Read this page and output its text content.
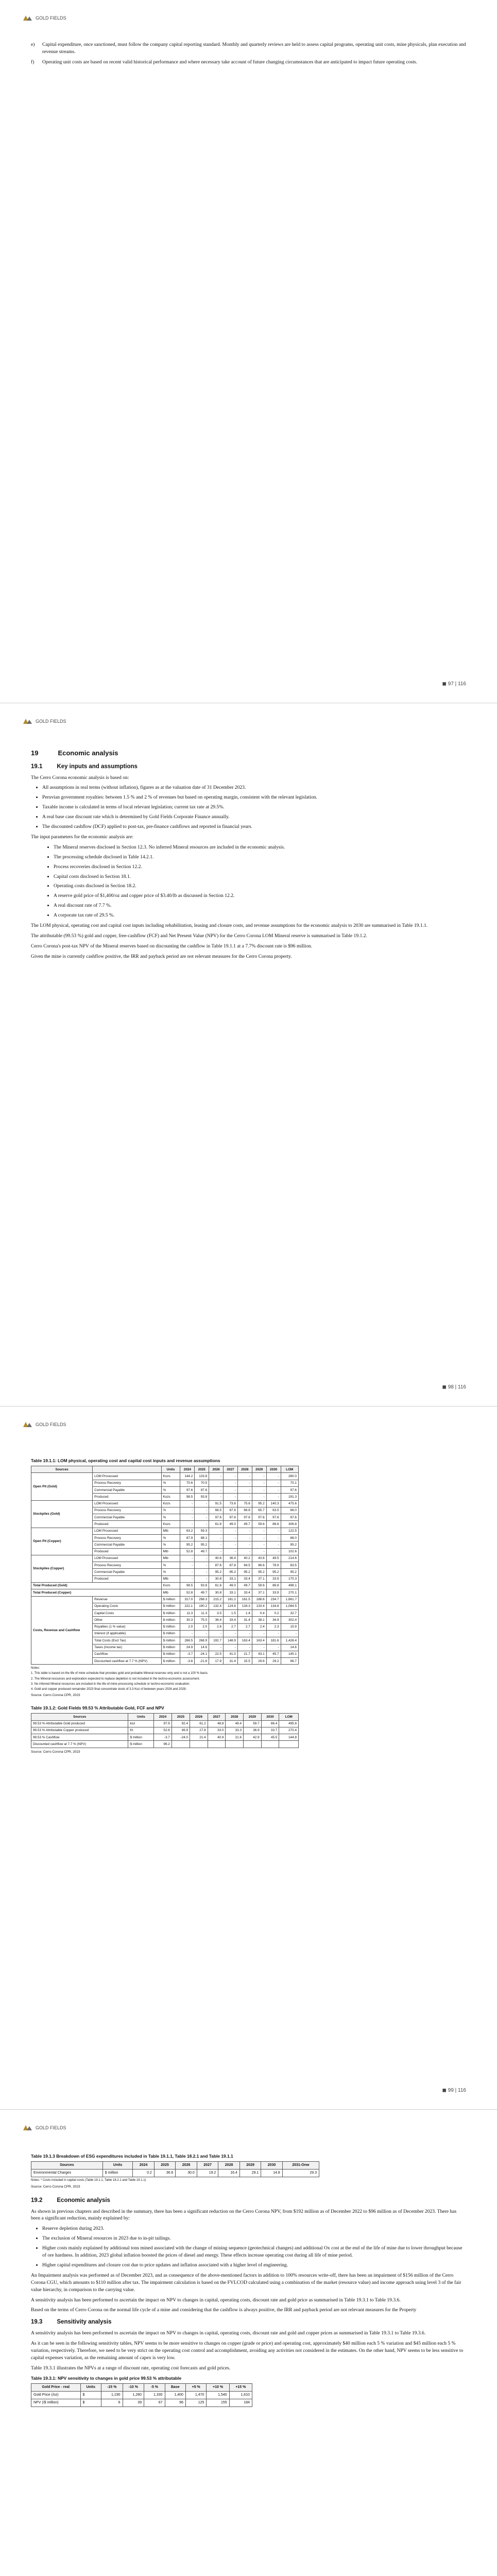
GOLD FIELDS
e)	Capital expenditure, once sanctioned, must follow the company capital reporting standard. Monthly and quarterly reviews are held to assess capital programs, operating unit costs, mine physicals, plan execution and revenue streams.
f)	Operating unit costs are based on recent valid historical performance and where necessary take account of future changing circumstances that are anticipated to impact future operating costs.
◼ 97 | 116
GOLD FIELDS
19	Economic analysis
19.1 Key inputs and assumptions

The Cerro Corona economic analysis is based on:

• All assumptions in real terms (without inflation), figures as at the valuation date of 31 December 2023.
• Peruvian government royalties: between 1.5 % and 2 % of revenues but based on operating margin, consistent with the relevant legislation.
• Taxable income is calculated in terms of local relevant legislation; current tax rate at 29.5%.
• A real base case discount rate which is determined by Gold Fields Corporate Finance annually.
• The discounted cashflow (DCF) applied to post-tax, pre-finance cashflows and reported in financial years.

The input parameters for the economic analysis are:

• The Mineral reserves disclosed in Section 12.3. No inferred Mineral resources are included in the economic analysis.
• The processing schedule disclosed in Table 14.2.1.
• Process recoveries disclosed in Section 12.2.
• Capital costs disclosed in Section 18.1.
• Operating costs disclosed in Section 18.2.
• A reserve gold price of $1,400/oz and copper price of $3.40/lb as discussed in Section 12.2.
• A real discount rate of 7.7 %.
• A corporate tax rate of 29.5 %.

The LOM physical, operating cost and capital cost inputs including rehabilitation, leasing and closure costs, and revenue assumptions for the economic analysis to 2030 are summarised in Table 19.1.1.

The attributable (99.53 %) gold and copper, free-cashflow (FCF) and Net Present Value (NPV) for the Cerro Corona LOM Mineral reserve is summarised in Table 19.1.2.

Cerro Corona's post-tax NPV of the Mineral reserves based on discounting the cashflow in Table 19.1.1 at a 7.7% discount rate is $96 million.

Given the mine is currently cashflow positive, the IRR and payback period are not relevant measures for the Cerro Corona property.

◼ 98 | 116
GOLD FIELDS
Table 19.1.1: LOM physical, operating cost and capital cost inputs and revenue assumptions
Sources		Units	2024	2025	2026	2027	2028	2029	2030	LOM
Open Pit (Gold)	LOM Processed	Kozs	144.2	133.8	-	-	-	-	-	280.0
	Process Recovery	%	70.6	70.5	-	-	-	-	-	70.1
	Commercial Payable	%	97.6	97.6	-	-	-	-	-	97.6
	Produced	Kozs	98.5	93.8	-	-	-	-	-	191.3
Stockpiles (Gold)	LOM Processed	Kozs	-	-	91.5	73.6	75.6	95.2	140.3	475.6
	Process Recovery	%	-	-	66.5	67.6	66.6	65.7	63.5	66.0
	Commercial Payable	%	-	-	97.6	97.6	97.6	97.6	97.6	97.6
	Produced	Kozs	-	-	61.6	49.0	49.7	59.6	86.8	306.8
Open Pit (Copper)	LOM Processed	Mlb	63.2	59.3	-	-	-	-	-	122.5
	Process Recovery	%	87.9	88.1	-	-	-	-	-	88.0
	Commercial Payable	%	95.2	95.2	-	-	-	-	-	95.2
	Produced	Mlb	52.8	49.7	-	-	-	-	-	102.6
Stockpiles (Copper)	LOM Processed	Mlb	-	-	40.6	36.4	40.2	43.6	49.5	214.6
	Process Recovery	%	-	-	87.6	87.8	84.5	86.6	78.9	83.5
	Commercial Payable	%	-	-	95.2	95.2	95.2	95.2	95.2	95.2
	Produced	Mlb	-	-	30.8	33.1	33.4	37.1	33.9	170.3
Total Produced (Gold)		Kozs	98.5	93.8	61.6	49.0	49.7	59.6	86.8	498.1
Total Produced (Copper)		Mlb	52.8	49.7	30.8	33.1	33.4	37.1	33.9	270.1
Costs, Revenue and Cashflow	Revenue	$ million	317.0	298.3	215.2	161.2	161.5	188.6	234.7	1,661.7
	Operating Costs	$ million	222.1	190.2	132.4	124.6	134.3	133.4	134.6	1,084.5
	Capital Costs	$ million	11.3	11.3	3.5	1.5	1.4	0.4	0.2	32.7
	Other	$ million	30.3	75.0	36.4	33.4	31.4	38.1	34.9	302.4
	Royalties (1 % value)	$ million	2.0	2.0	2.6	2.7	2.7	2.4	2.3	15.9
	Interest (if applicable)	$ million	-	-	-	-	-	-	-	-
	Total Costs (Excl Tax)	$ million	266.5	268.9	192.7	148.9	163.4	163.4	181.6	1,426.4
	Taxes (Income tax)	$ million	24.9	14.6	-	-	-	-	-	14.6
	Cashflow	$ million	-3.7	-24.1	22.5	41.0	21.7	43.1	45.7	145.1
	Discounted cashflow at 7.7 % (NPV)	$ million	-3.6	-21.6	17.9	31.4	15.5	29.6	29.2	96.7
Notes:
1. This table is based on the life of mine schedule that provides gold and probable Mineral reserves only and is not a 100 % basis.
2. The Mineral resources and exploration expected to replace depletion is not included in the techno-economic assessment.
3. No inferred Mineral resources are included in the life-of-mine processing schedule or techno-economic evaluation.
4. Gold and copper produced remainder 2023 final concentrate stock of 3.3 Koz of between years 2026 and 2028.
Source: Cerro Corona CPR, 2023
Table 19.1.2: Gold Fields 99.53 % Attributable Gold, FCF and NPV
Sources	Units	2024	2025	2026	2027	2028	2029	2030	LOM
99.53 % Attributable Gold produced	koz	97.9	92.4	61.2	48.8	49.4	59.7	86.4	495.8
99.53 % Attributable Copper produced	Kt	52.6	49.9	27.8	33.0	33.3	36.9	33.7	270.4
99.53 % Cashflow	$ million	-3.7	-24.0	21.4	40.9	21.6	42.9	45.5	144.8
Discounted cashflow at 7.7 % (NPV)	$ million	96.2							
Source: Cerro Corona CPR, 2023
◼ 99 | 116
GOLD FIELDS
Table 19.1.3 Breakdown of ESG expenditures included in Table 19.1.1, Table 18.2.1 and Table 19.1.1
Sources	Units	2024	2025	2026	2027	2028	2029	2030	2031-Onw
Environmental Charges	$ million	0.2	36.6	30.0	19.2	16.4	29.1	14.8	29.3
Notes: * Costs included in capital costs (Table 19.1.1, Table 18.2.1 and Table 19.1.1)
Source: Cerro Corona CPR, 2023
19.2 Economic analysis

As shown in previous chapters and described in the summary, there has been a significant reduction on the Cerro Corona NPV, from $192 million as of December 2022 to $96 million as of December 2023. There has been a significant reduction, mainly explained by:

• Reserve depletion during 2023.
• The exclusion of Mineral resources in 2023 due to in-pit tailings.
• Higher costs mainly explained by additional tons mined associated with the change of mining sequence (geotechnical changes) and additional Ox cost at the end of the life of mine due to lower throughput because of ore hardness. In addition, 2023 global inflation boosted the prices of diesel and energy. These effects increase operating cost during all life of mine period.
• Higher capital expenditures and closure cost due to price updates and inflation associated with a higher level of engineering.

An Impairment analysis was performed as of December 2023, and as consequence of the above-mentioned factors in addition to 100% resources write-off, there has been an impairment of $156 million of the Cerro Corona CGU, which amounts to $110 million after tax. The impairment calculation is based on the FVLCOD calculated using a combination of the market (resource value) and income approach using level 3 of the fair value hierarchy, in comparison to the carrying value.

A sensitivity analysis has been performed to ascertain the impact on NPV to changes in capital, operating costs, discount rate and gold price as summarised in Table 19.3.1 to Table 19.3.6.

Based on the terms of Cerro Corona on the normal life cycle of a mine and considering that the cashflow is always positive, the IRR and payback period are not relevant measures for the Property

19.3 Sensitivity analysis

A sensitivity analysis has been performed to ascertain the impact on NPV to changes in capital, operating costs, discount rate and gold and copper prices as summarised in Table 19.3.1 to Table 19.3.6.

As it can be seen in the following sensitivity tables, NPV seems to be more sensitive to changes on copper (grade or price) and operating cost, approximately $40 million each 5 % variation and $45 million each 5 % variation, respectively. Therefore, we need to be very strict on the operating cost control and accomplishment, avoiding any activities not considered in the estimates. On the other hand, NPV seems to be less sensitive to capital expenses variation, as the remaining amount of capex is very low.

Table 19.3.1 illustrates the NPVs at a range of discount rate, operating cost forecasts and gold prices.

Table 19.3.1: NPV sensitivity to changes in gold price 99.53 % attributable
Gold Price - real	Units	-15 %	-10 %	-5 %	Base	+5 %	+10 %	+15 %
Gold Price (/oz)	$	1,190	1,260	1,330	1,400	1,470	1,540	1,610
NPV (/$ million)	$	6	39	67	96	125	155	184
